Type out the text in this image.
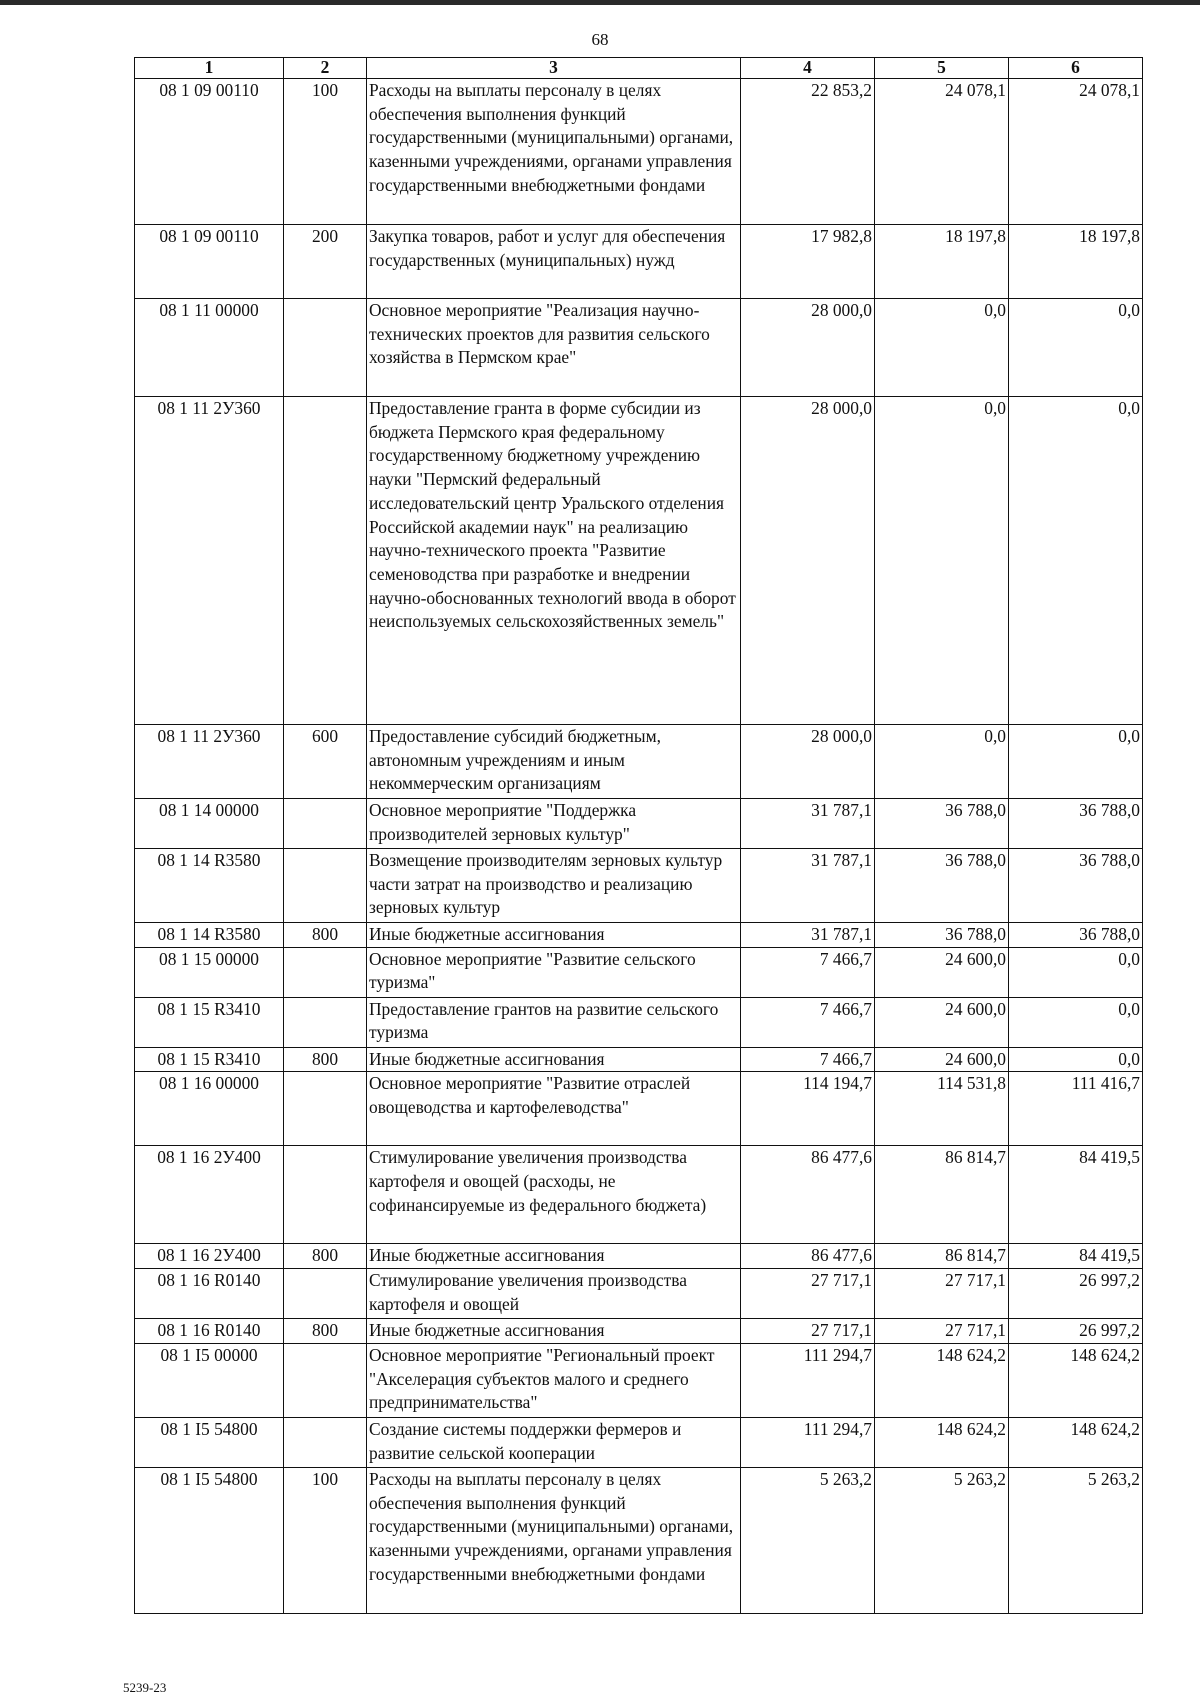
68
1	2	3	4	5	6
08 1 09 00110	100	Расходы на выплаты персоналу в целях обеспечения выполнения функций государственными (муниципальными) органами, казенными учреждениями, органами управления государственными внебюджетными фондами	22 853,2	24 078,1	24 078,1
08 1 09 00110	200	Закупка товаров, работ и услуг для обеспечения государственных (муниципальных) нужд	17 982,8	18 197,8	18 197,8
08 1 11 00000		Основное мероприятие "Реализация научно-технических проектов для развития сельского хозяйства в Пермском крае"	28 000,0	0,0	0,0
08 1 11 2У360		Предоставление гранта в форме субсидии из бюджета Пермского края федеральному государственному бюджетному учреждению науки "Пермский федеральный исследовательский центр Уральского отделения Российской академии наук" на реализацию научно-технического проекта "Развитие семеноводства при разработке и внедрении научно-обоснованных технологий ввода в оборот неиспользуемых сельскохозяйственных земель"	28 000,0	0,0	0,0
08 1 11 2У360	600	Предоставление субсидий бюджетным, автономным учреждениям и иным некоммерческим организациям	28 000,0	0,0	0,0
08 1 14 00000		Основное мероприятие "Поддержка производителей зерновых культур"	31 787,1	36 788,0	36 788,0
08 1 14 R3580		Возмещение производителям зерновых культур части затрат на производство и реализацию зерновых культур	31 787,1	36 788,0	36 788,0
08 1 14 R3580	800	Иные бюджетные ассигнования	31 787,1	36 788,0	36 788,0
08 1 15 00000		Основное мероприятие "Развитие сельского туризма"	7 466,7	24 600,0	0,0
08 1 15 R3410		Предоставление грантов на развитие сельского туризма	7 466,7	24 600,0	0,0
08 1 15 R3410	800	Иные бюджетные ассигнования	7 466,7	24 600,0	0,0
08 1 16 00000		Основное мероприятие "Развитие отраслей овощеводства и картофелеводства"	114 194,7	114 531,8	111 416,7
08 1 16 2У400		Стимулирование увеличения производства картофеля и овощей (расходы, не софинансируемые из федерального бюджета)	86 477,6	86 814,7	84 419,5
08 1 16 2У400	800	Иные бюджетные ассигнования	86 477,6	86 814,7	84 419,5
08 1 16 R0140		Стимулирование увеличения производства картофеля и овощей	27 717,1	27 717,1	26 997,2
08 1 16 R0140	800	Иные бюджетные ассигнования	27 717,1	27 717,1	26 997,2
08 1 I5 00000		Основное мероприятие "Региональный проект "Акселерация субъектов малого и среднего предпринимательства"	111 294,7	148 624,2	148 624,2
08 1 I5 54800		Создание системы поддержки фермеров и развитие сельской кооперации	111 294,7	148 624,2	148 624,2
08 1 I5 54800	100	Расходы на выплаты персоналу в целях обеспечения выполнения функций государственными (муниципальными) органами, казенными учреждениями, органами управления государственными внебюджетными фондами	5 263,2	5 263,2	5 263,2
5239-23
